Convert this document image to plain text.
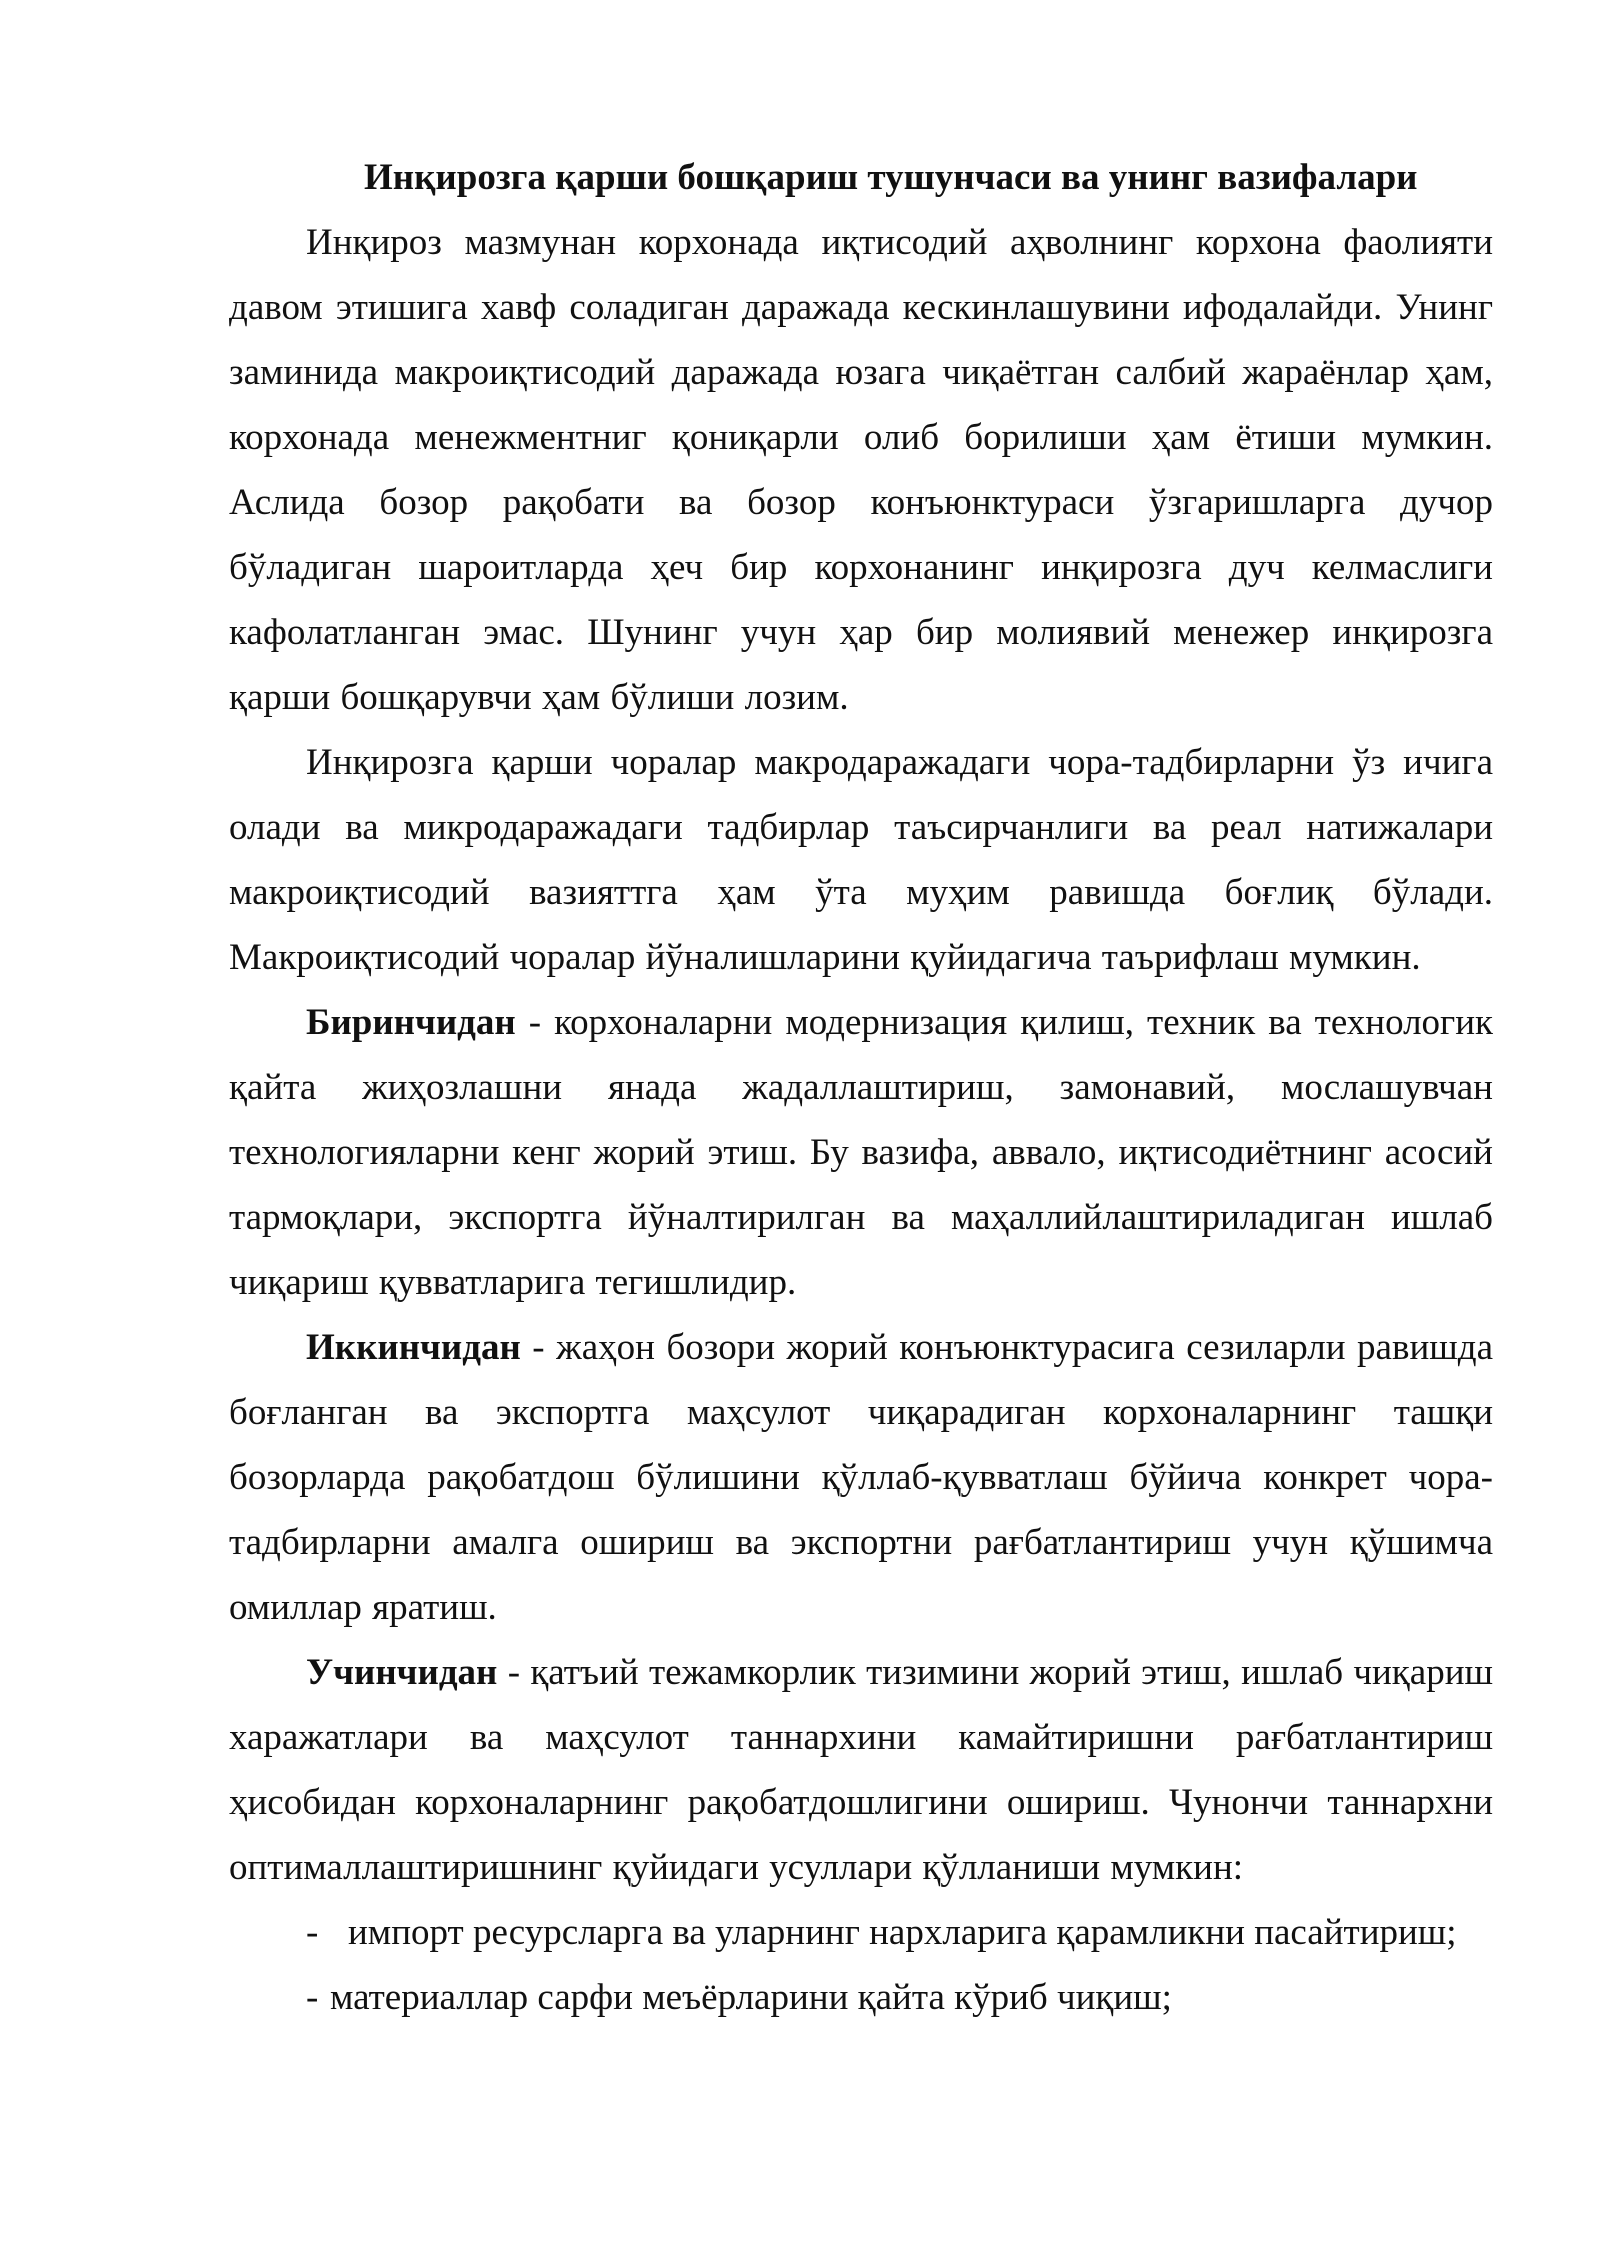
Инқирозга қарши бошқариш тушунчаси ва унинг вазифалари

Инқироз мазмунан корхонада иқтисодий аҳволнинг корхона фаолияти давом этишига хавф соладиган даражада кескинлашувини ифодалайди. Унинг заминида макроиқтисодий даражада юзага чиқаётган салбий жараёнлар ҳам, корхонада менежментниг қониқарли олиб борилиши ҳам ётиши мумкин. Аслида бозор рақобати ва бозор конъюнктураси ўзгаришларга дучор бўладиган шароитларда ҳеч бир корхонанинг инқирозга дуч келмаслиги кафолатланган эмас. Шунинг учун ҳар бир молиявий менежер инқирозга қарши бошқарувчи ҳам бўлиши лозим.

Инқирозга қарши чоралар макродаражадаги чора-тадбирларни ўз ичига олади ва микродаражадаги тадбирлар таъсирчанлиги ва реал натижалари макроиқтисодий вазияттга ҳам ўта муҳим равишда боғлиқ бўлади. Макроиқтисодий чоралар йўналишларини қуйидагича таърифлаш мумкин.

Биринчидан - корхоналарни модернизация қилиш, техник ва технологик қайта жиҳозлашни янада жадаллаштириш, замонавий, мослашувчан технологияларни кенг жорий этиш. Бу вазифа, аввало, иқтисодиётнинг асосий тармоқлари, экспортга йўналтирилган ва маҳаллийлаштириладиган ишлаб чиқариш қувватларига тегишлидир.

Иккинчидан - жаҳон бозори жорий конъюнктурасига сезиларли равишда боғланган ва экспортга маҳсулот чиқарадиган корхоналарнинг ташқи бозорларда рақобатдош бўлишини қўллаб-қувватлаш бўйича конкрет чора-тадбирларни амалга ошириш ва экспортни рағбатлантириш учун қўшимча омиллар яратиш.

Учинчидан - қатъий тежамкорлик тизимини жорий этиш, ишлаб чиқариш харажатлари ва маҳсулот таннархини камайтиришни рағбатлантириш ҳисобидан корхоналарнинг рақобатдошлигини ошириш. Чунончи таннархни оптималлаштиришнинг қуйидаги усуллари қўлланиши мумкин:

- импорт ресурсларга ва уларнинг нархларига қарамликни пасайтириш;

- материаллар сарфи меъёрларини қайта кўриб чиқиш;
